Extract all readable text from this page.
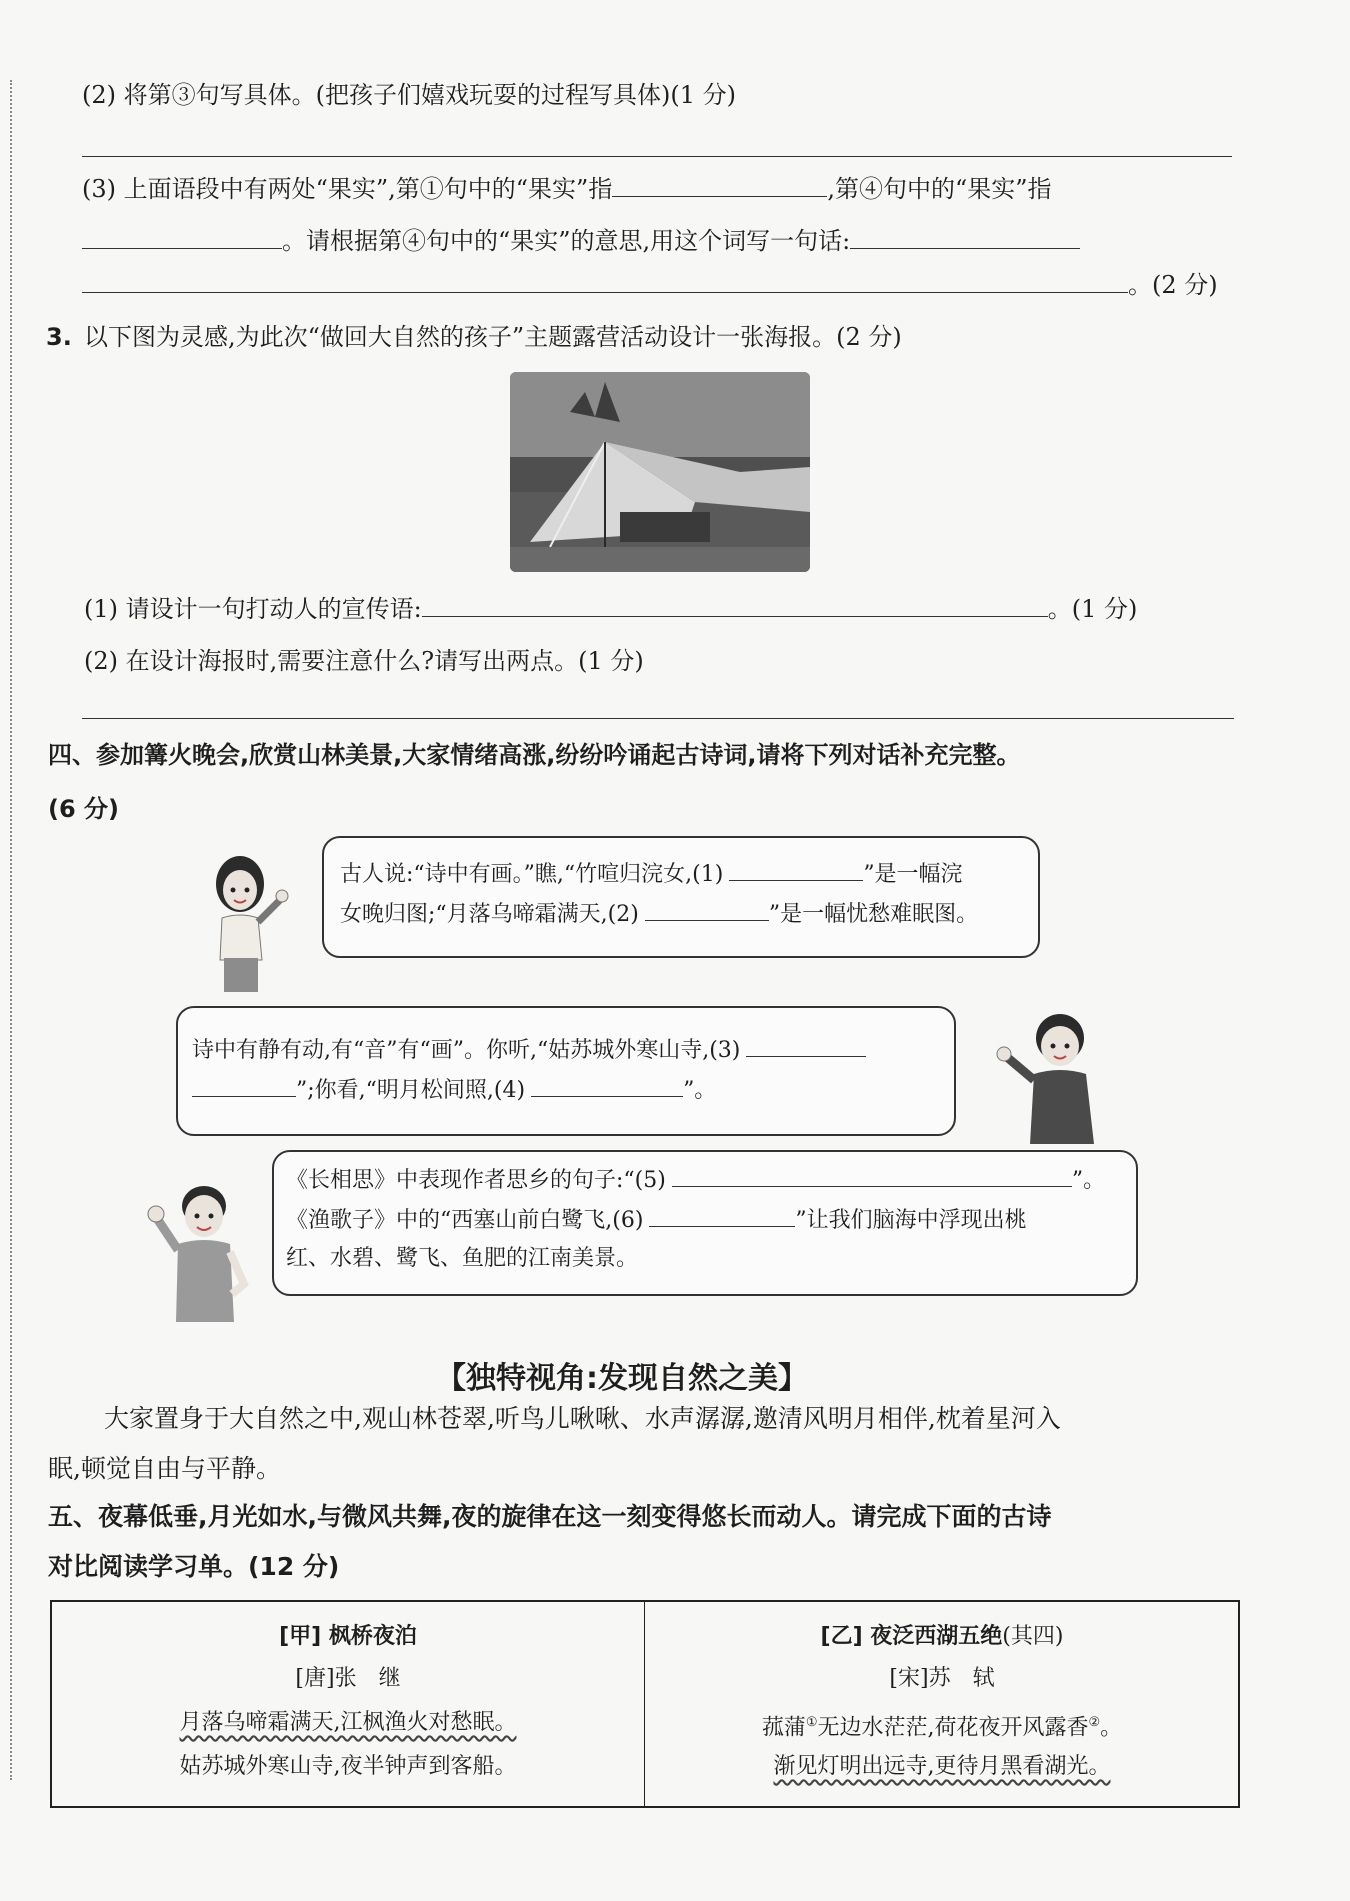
(2) 将第③句写具体。(把孩子们嬉戏玩耍的过程写具体)(1 分)
(3) 上面语段中有两处“果实”,第①句中的“果实”指	,第④句中的“果实”指
。请根据第④句中的“果实”的意思,用这个词写一句话:
。(2 分)
3. 以下图为灵感,为此次“做回大自然的孩子”主题露营活动设计一张海报。(2 分)
(1) 请设计一句打动人的宣传语:	。(1 分)
(2) 在设计海报时,需要注意什么?请写出两点。(1 分)
四、参加篝火晚会,欣赏山林美景,大家情绪高涨,纷纷吟诵起古诗词,请将下列对话补充完整。
(6 分)
古人说:“诗中有画。”瞧,“竹喧归浣女,(1)	”是一幅浣
女晚归图;“月落乌啼霜满天,(2)	”是一幅忧愁难眠图。
诗中有静有动,有“音”有“画”。你听,“姑苏城外寒山寺,(3)
”;你看,“明月松间照,(4)	”。
《长相思》中表现作者思乡的句子:“(5)	”。
《渔歌子》中的“西塞山前白鹭飞,(6)	”让我们脑海中浮现出桃
红、水碧、鹭飞、鱼肥的江南美景。
【独特视角:发现自然之美】
大家置身于大自然之中,观山林苍翠,听鸟儿啾啾、水声潺潺,邀清风明月相伴,枕着星河入
眠,顿觉自由与平静。
五、夜幕低垂,月光如水,与微风共舞,夜的旋律在这一刻变得悠长而动人。请完成下面的古诗
对比阅读学习单。(12 分)
[甲] 枫桥夜泊
[唐]张　继
月落乌啼霜满天,江枫渔火对愁眠。
姑苏城外寒山寺,夜半钟声到客船。
[乙] 夜泛西湖五绝(其四)
[宋]苏　轼
菰蒲①无边水茫茫,荷花夜开风露香②。
渐见灯明出远寺,更待月黑看湖光。
